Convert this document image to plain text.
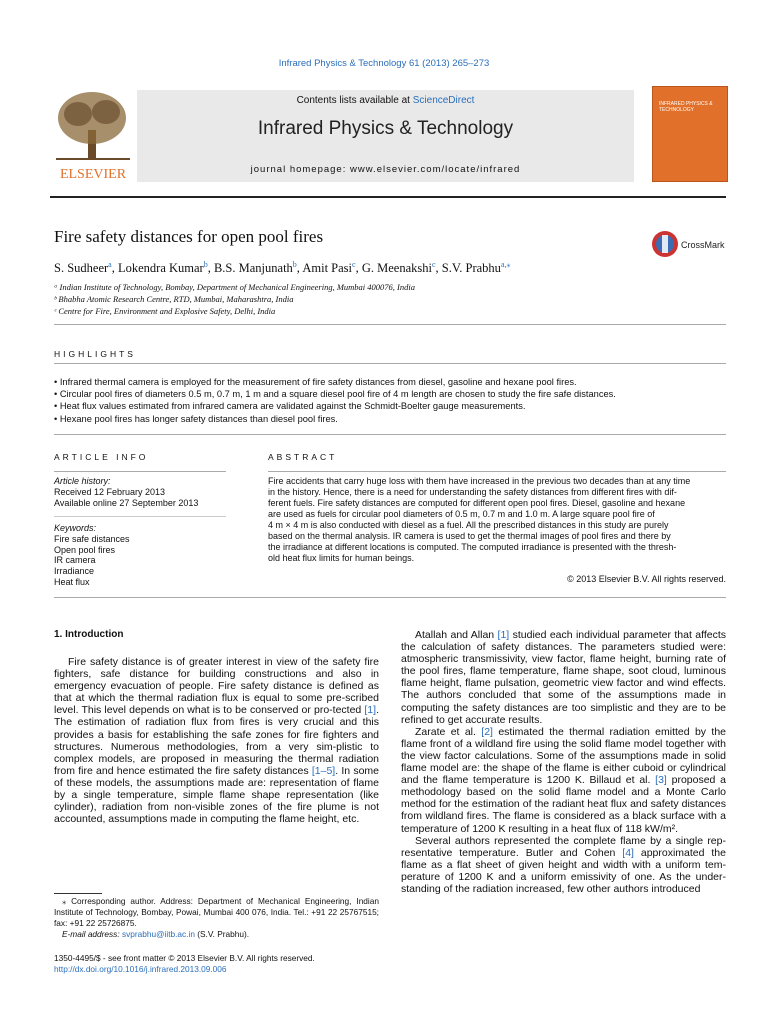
Infrared Physics & Technology 61 (2013) 265–273
ELSEVIER
Contents lists available at ScienceDirect
Infrared Physics & Technology
journal homepage: www.elsevier.com/locate/infrared
INFRARED PHYSICS & TECHNOLOGY
Fire safety distances for open pool fires	CrossMark
S. Sudheer$^a$, Lokendra Kumar$^b$, B.S. Manjunath$^b$, Amit Pasi$^c$, G. Meenakshi$^c$, S.V. Prabhu$^{a,⁎}$
ᵃ Indian Institute of Technology, Bombay, Department of Mechanical Engineering, Mumbai 400076, India
ᵇ Bhabha Atomic Research Centre, RTD, Mumbai, Maharashtra, India
ᶜ Centre for Fire, Environment and Explosive Safety, Delhi, India
HIGHLIGHTS
• Infrared thermal camera is employed for the measurement of fire safety distances from diesel, gasoline and hexane pool fires.
• Circular pool fires of diameters 0.5 m, 0.7 m, 1 m and a square diesel pool fire of 4 m length are chosen to study the fire safe distances.
• Heat flux values estimated from infrared camera are validated against the Schmidt-Boelter gauge measurements.
• Hexane pool fires has longer safety distances than diesel pool fires.
ARTICLE INFO	ABSTRACT
Article history:
Received 12 February 2013
Available online 27 September 2013
Keywords:
Fire safe distances
Open pool fires
IR camera
Irradiance
Heat flux
Fire accidents that carry huge loss with them have increased in the previous two decades than at any time
in the history. Hence, there is a need for understanding the safety distances from different fires with dif-
ferent fuels. Fire safety distances are computed for different open pool fires. Diesel, gasoline and hexane
are used as fuels for circular pool diameters of 0.5 m, 0.7 m and 1.0 m. A large square pool fire of
4 m × 4 m is also conducted with diesel as a fuel. All the prescribed distances in this study are purely
based on the thermal analysis. IR camera is used to get the thermal images of pool fires and there by
the irradiance at different locations is computed. The computed irradiance is presented with the thresh-
old heat flux limits for human beings.
© 2013 Elsevier B.V. All rights reserved.
1. Introduction

Fire safety distance is of greater interest in view of the safety fire fighters, safe distance for building constructions and also in emergency evacuation of people. Fire safety distance is defined as that at which the thermal radiation flux is equal to some pre-scribed level. This level depends on what is to be conserved or pro-tected [1]. The estimation of radiation flux from fires is very crucial and this provides a basis for establishing the safe zones for fire fighters and structures. Numerous methodologies, from a very sim-plistic to complex models, are proposed in measuring the thermal radiation from fire and hence estimated the fire safety distances [1–5]. In some of these models, the assumptions made are: representation of flame by a single temperature, simple flame shape representation (like cylinder), radiation from non-visible zones of the fire plume is not accounted, assumptions made in computing the flame height, etc.

Atallah and Allan [1] studied each individual parameter that affects the calculation of safety distances. The parameters studied were: atmospheric transmissivity, view factor, flame height, burning rate of the pool fires, flame temperature, flame shape, soot cloud, luminous flame height, flame pulsation, geometric view factor and wind effects. The authors concluded that some of the assumptions made in computing the safety distances are too simplistic and they are to be refined to get accurate results.

Zarate et al. [2] estimated the thermal radiation emitted by the flame front of a wildland fire using the solid flame model together with the view factor calculations. Some of the assumptions made in solid flame model are: the shape of the flame is either cuboid or cylindrical and the flame temperature is 1200 K. Billaud et al. [3] proposed a methodology based on the solid flame model and a Monte Carlo method for the estimation of the radiant heat flux and safety distances from wildland fires. The flame is considered as a black surface with a temperature of 1200 K resulting in a heat flux of 118 kW/m².

Several authors represented the complete flame by a single rep-resentative temperature. Butler and Cohen [4] approximated the flame as a flat sheet of given height and width with a uniform tem-perature of 1200 K and a uniform emissivity of one. As the under-standing of the radiation increased, few other authors introduced

⁎ Corresponding author. Address: Department of Mechanical Engineering, Indian Institute of Technology, Bombay, Powai, Mumbai 400 076, India. Tel.: +91 22 25767515; fax: +91 22 25726875.
E-mail address: svprabhu@iitb.ac.in (S.V. Prabhu).
1350-4495/$ - see front matter © 2013 Elsevier B.V. All rights reserved.
http://dx.doi.org/10.1016/j.infrared.2013.09.006
